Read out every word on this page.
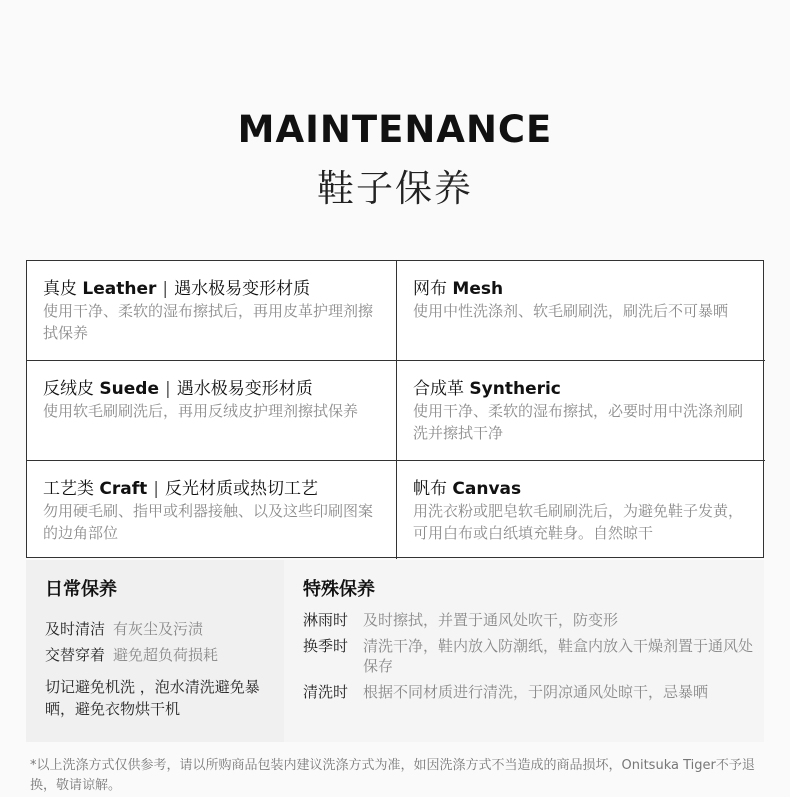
MAINTENANCE
鞋子保养
真皮 Leather | 遇水极易变形材质
使用干净、柔软的湿布擦拭后，再用皮革护理剂擦拭保养
网布 Mesh
使用中性洗涤剂、软毛刷刷洗，刷洗后不可暴晒
反绒皮 Suede | 遇水极易变形材质
使用软毛刷刷洗后，再用反绒皮护理剂擦拭保养
合成革 Syntheric
使用干净、柔软的湿布擦拭，必要时用中洗涤剂刷洗并擦拭干净
工艺类 Craft | 反光材质或热切工艺
勿用硬毛刷、指甲或利器接触、以及这些印刷图案的边角部位
帆布 Canvas
用洗衣粉或肥皂软毛刷刷洗后，为避免鞋子发黄，可用白布或白纸填充鞋身。自然晾干
日常保养
及时清洁 有灰尘及污渍
交替穿着 避免超负荷损耗
切记避免机洗 ，泡水清洗避免暴晒，避免衣物烘干机
特殊保养
淋雨时 及时擦拭，并置于通风处吹干，防变形
换季时 清洗干净，鞋内放入防潮纸，鞋盒内放入干燥剂置于通风处保存
清洗时 根据不同材质进行清洗，于阴凉通风处晾干，忌暴晒
*以上洗涤方式仅供参考，请以所购商品包装内建议洗涤方式为准，如因洗涤方式不当造成的商品损坏，Onitsuka Tiger不予退换，敬请谅解。
